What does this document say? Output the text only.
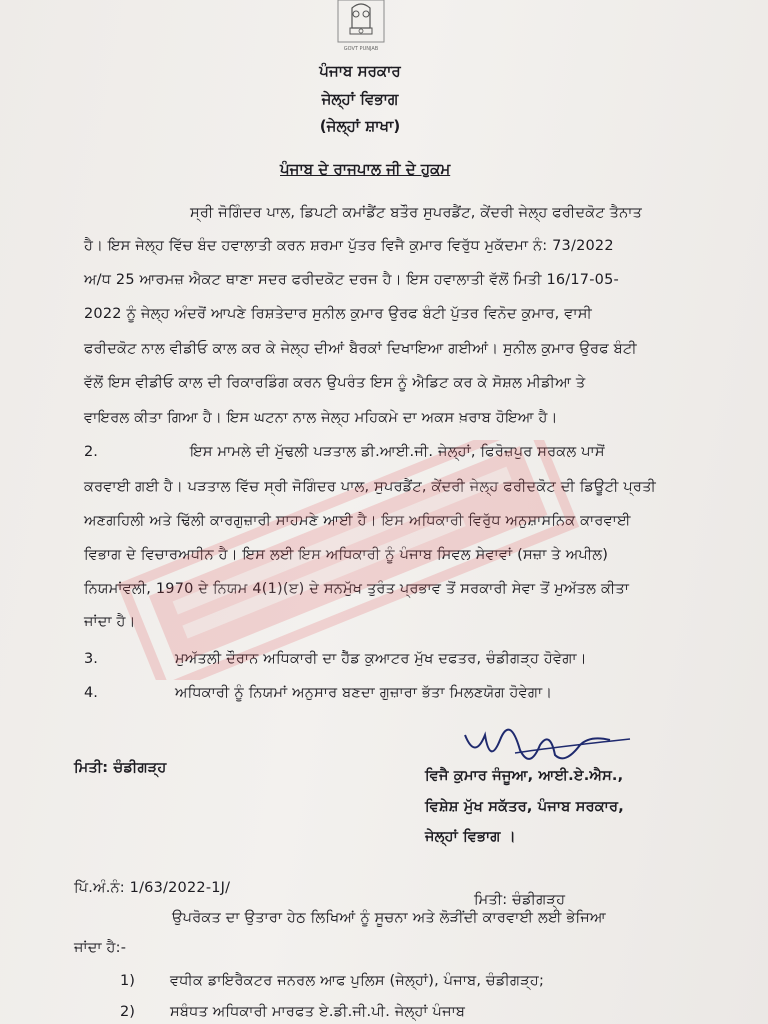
GOVT PUNJAB
ਪੰਜਾਬ ਸਰਕਾਰ
ਜੇਲ੍ਹਾਂ ਵਿਭਾਗ
(ਜੇਲ੍ਹਾਂ ਸ਼ਾਖਾ)
ਪੰਜਾਬ ਦੇ ਰਾਜਪਾਲ ਜੀ ਦੇ ਹੁਕਮ
ਸ੍ਰੀ ਜੋਗਿੰਦਰ ਪਾਲ, ਡਿਪਟੀ ਕਮਾਂਡੈਂਟ ਬਤੌਰ ਸੁਪਰਡੈਂਟ, ਕੇਂਦਰੀ ਜੇਲ੍ਹ ਫਰੀਦਕੋਟ ਤੈਨਾਤ
ਹੈ। ਇਸ ਜੇਲ੍ਹ ਵਿੱਚ ਬੰਦ ਹਵਾਲਾਤੀ ਕਰਨ ਸ਼ਰਮਾ ਪੁੱਤਰ ਵਿਜੈ ਕੁਮਾਰ ਵਿਰੁੱਧ ਮੁਕੱਦਮਾ ਨੰ: 73/2022
ਅ/ਧ 25 ਆਰਮਜ਼ ਐਕਟ ਥਾਣਾ ਸਦਰ ਫਰੀਦਕੋਟ ਦਰਜ ਹੈ। ਇਸ ਹਵਾਲਾਤੀ ਵੱਲੋਂ ਮਿਤੀ 16/17-05-
2022 ਨੂੰ ਜੇਲ੍ਹ ਅੰਦਰੋਂ ਆਪਣੇ ਰਿਸ਼ਤੇਦਾਰ ਸੁਨੀਲ ਕੁਮਾਰ ਉਰਫ ਬੰਟੀ ਪੁੱਤਰ ਵਿਨੋਦ ਕੁਮਾਰ, ਵਾਸੀ
ਫਰੀਦਕੋਟ ਨਾਲ ਵੀਡੀਓ ਕਾਲ ਕਰ ਕੇ ਜੇਲ੍ਹ ਦੀਆਂ ਬੈਰਕਾਂ ਦਿਖਾਇਆ ਗਈਆਂ। ਸੁਨੀਲ ਕੁਮਾਰ ਉਰਫ ਬੰਟੀ
ਵੱਲੋਂ ਇਸ ਵੀਡੀਓ ਕਾਲ ਦੀ ਰਿਕਾਰਡਿੰਗ ਕਰਨ ਉਪਰੰਤ ਇਸ ਨੂੰ ਐਡਿਟ ਕਰ ਕੇ ਸੋਸ਼ਲ ਮੀਡੀਆ ਤੇ
ਵਾਇਰਲ ਕੀਤਾ ਗਿਆ ਹੈ। ਇਸ ਘਟਨਾ ਨਾਲ ਜੇਲ੍ਹ ਮਹਿਕਮੇ ਦਾ ਅਕਸ ਖ਼ਰਾਬ ਹੋਇਆ ਹੈ।
2.	ਇਸ ਮਾਮਲੇ ਦੀ ਮੁੱਢਲੀ ਪੜਤਾਲ ਡੀ.ਆਈ.ਜੀ. ਜੇਲ੍ਹਾਂ, ਫਿਰੋਜ਼ਪੁਰ ਸਰਕਲ ਪਾਸੋਂ
ਕਰਵਾਈ ਗਈ ਹੈ। ਪੜਤਾਲ ਵਿੱਚ ਸ੍ਰੀ ਜੋਗਿੰਦਰ ਪਾਲ, ਸੁਪਰਡੈਂਟ, ਕੇਂਦਰੀ ਜੇਲ੍ਹ ਫਰੀਦਕੋਟ ਦੀ ਡਿਊਟੀ ਪ੍ਰਤੀ
ਅਣਗਹਿਲੀ ਅਤੇ ਢਿੱਲੀ ਕਾਰਗੁਜ਼ਾਰੀ ਸਾਹਮਣੇ ਆਈ ਹੈ। ਇਸ ਅਧਿਕਾਰੀ ਵਿਰੁੱਧ ਅਨੁਸ਼ਾਸਨਿਕ ਕਾਰਵਾਈ
ਵਿਭਾਗ ਦੇ ਵਿਚਾਰਅਧੀਨ ਹੈ। ਇਸ ਲਈ ਇਸ ਅਧਿਕਾਰੀ ਨੂੰ ਪੰਜਾਬ ਸਿਵਲ ਸੇਵਾਵਾਂ (ਸਜ਼ਾ ਤੇ ਅਪੀਲ)
ਨਿਯਮਾਂਵਲੀ, 1970 ਦੇ ਨਿਯਮ 4(1)(ੲ) ਦੇ ਸਨਮੁੱਖ ਤੁਰੰਤ ਪ੍ਰਭਾਵ ਤੋਂ ਸਰਕਾਰੀ ਸੇਵਾ ਤੋਂ ਮੁਅੱਤਲ ਕੀਤਾ
ਜਾਂਦਾ ਹੈ।
3.	ਮੁਅੱਤਲੀ ਦੌਰਾਨ ਅਧਿਕਾਰੀ ਦਾ ਹੈੱਡ ਕੁਆਟਰ ਮੁੱਖ ਦਫਤਰ, ਚੰਡੀਗੜ੍ਹ ਹੋਵੇਗਾ।
4.	ਅਧਿਕਾਰੀ ਨੂੰ ਨਿਯਮਾਂ ਅਨੁਸਾਰ ਬਣਦਾ ਗੁਜ਼ਾਰਾ ਭੱਤਾ ਮਿਲਣਯੋਗ ਹੋਵੇਗਾ।
ਮਿਤੀ: ਚੰਡੀਗੜ੍ਹ	ਵਿਜੈ ਕੁਮਾਰ ਜੰਜੂਆ, ਆਈ.ਏ.ਐਸ.,
ਵਿਸ਼ੇਸ਼ ਮੁੱਖ ਸਕੱਤਰ, ਪੰਜਾਬ ਸਰਕਾਰ,
ਜੇਲ੍ਹਾਂ ਵਿਭਾਗ ।
ਪਿੱ.ਅੰ.ਨੰ: 1/63/2022-1J/
ਮਿਤੀ: ਚੰਡੀਗੜ੍ਹ
ਉਪਰੋਕਤ ਦਾ ਉਤਾਰਾ ਹੇਠ ਲਿਖਿਆਂ ਨੂੰ ਸੂਚਨਾ ਅਤੇ ਲੋੜੀਂਦੀ ਕਾਰਵਾਈ ਲਈ ਭੇਜਿਆ
ਜਾਂਦਾ ਹੈ:-
1) ਵਧੀਕ ਡਾਇਰੈਕਟਰ ਜਨਰਲ ਆਫ ਪੁਲਿਸ (ਜੇਲ੍ਹਾਂ), ਪੰਜਾਬ, ਚੰਡੀਗੜ੍ਹ;
2) ਸਬੰਧਤ ਅਧਿਕਾਰੀ ਮਾਰਫਤ ਏ.ਡੀ.ਜੀ.ਪੀ. ਜੇਲ੍ਹਾਂ ਪੰਜਾਬ
